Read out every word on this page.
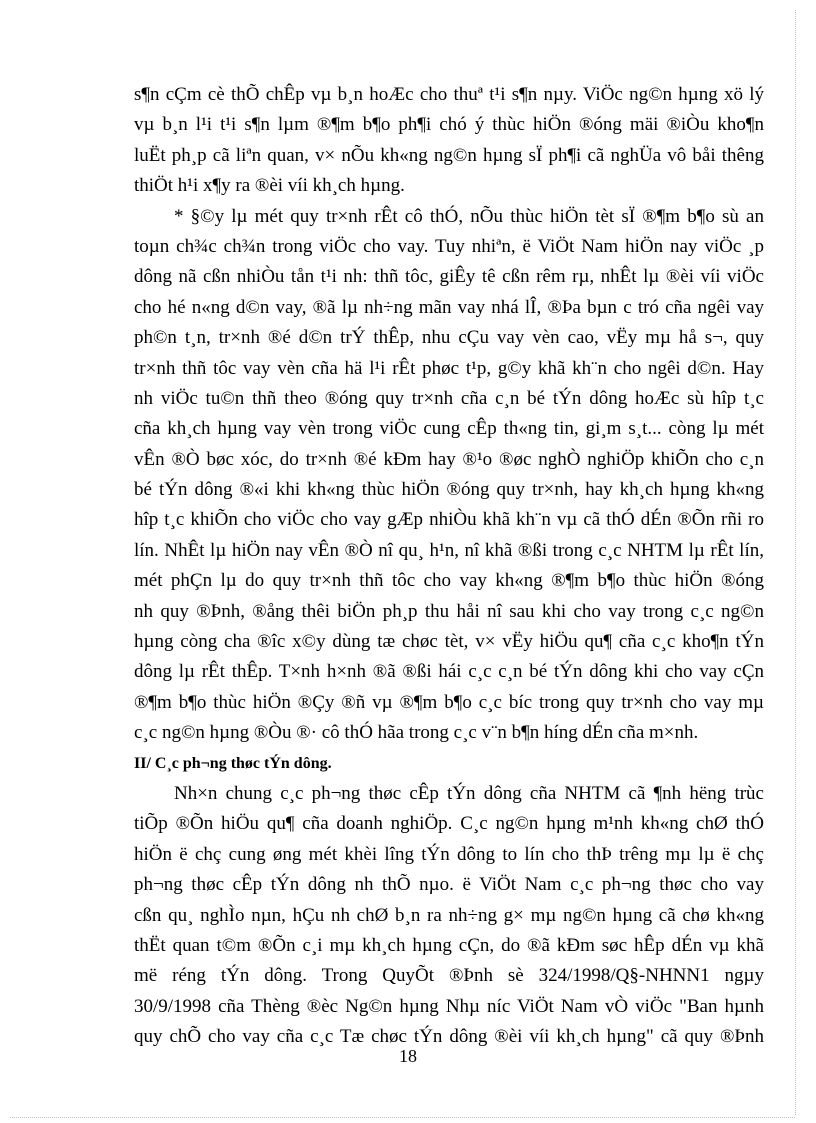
s¶n cÇm cè thÕ chÊp vµ b¸n hoÆc cho thuª t¹i s¶n nµy. ViÖc ng©n hµng xö lý
vµ b¸n l¹i t¹i s¶n lµm ®¶m b¶o ph¶i chó ý thùc hiÖn ®óng mäi ®iÒu kho¶n
luËt ph¸p cã liªn quan, v× nÕu kh«ng ng©n hµng sÏ ph¶i cã nghÜa vô båi thêng
thiÖt h¹i x¶y ra ®èi víi kh¸ch hµng.
* §©y lµ mét quy tr×nh rÊt cô thÓ, nÕu thùc hiÖn tèt sÏ ®¶m b¶o sù an
toµn ch¾c ch¾n trong viÖc cho vay. Tuy nhiªn, ë ViÖt Nam hiÖn nay viÖc ¸p
dông nã cßn nhiÒu tån t¹i nh: thñ tôc, giÊy tê cßn rêm rµ, nhÊt lµ ®èi víi viÖc
cho hé n«ng d©n vay, ®ã lµ nh÷ng mãn vay nhá lÎ, ®Þa bµn c tró cña ngêi vay
ph©n t¸n, tr×nh ®é d©n trÝ thÊp, nhu cÇu vay vèn cao, vËy mµ hå s¬, quy
tr×nh thñ tôc vay vèn cña hä l¹i rÊt phøc t¹p, g©y khã kh¨n cho ngêi d©n. Hay
nh viÖc tu©n thñ theo ®óng quy tr×nh cña c¸n bé tÝn dông hoÆc sù hîp t¸c
cña kh¸ch hµng vay vèn trong viÖc cung cÊp th«ng tin, gi¸m s¸t... còng lµ mét
vÊn ®Ò bøc xóc, do tr×nh ®é kÐm hay ®¹o ®øc nghÒ nghiÖp khiÕn cho c¸n
bé tÝn dông ®«i khi kh«ng thùc hiÖn ®óng quy tr×nh, hay kh¸ch hµng kh«ng
hîp t¸c khiÕn cho viÖc cho vay gÆp nhiÒu khã kh¨n vµ cã thÓ dÉn ®Õn rñi ro
lín. NhÊt lµ hiÖn nay vÊn ®Ò nî qu¸ h¹n, nî khã ®ßi trong c¸c NHTM lµ rÊt lín,
mét phÇn lµ do quy tr×nh thñ tôc cho vay kh«ng ®¶m b¶o thùc hiÖn ®óng
nh quy ®Þnh, ®ång thêi biÖn ph¸p thu håi nî sau khi cho vay trong c¸c ng©n
hµng còng cha ®îc x©y dùng tæ chøc tèt, v× vËy hiÖu qu¶ cña c¸c kho¶n tÝn
dông lµ rÊt thÊp. T×nh h×nh ®ã ®ßi hái c¸c c¸n bé tÝn dông khi cho vay cÇn
®¶m b¶o thùc hiÖn ®Çy ®ñ vµ ®¶m b¶o c¸c bíc trong quy tr×nh cho vay mµ
c¸c ng©n hµng ®Òu ®· cô thÓ hãa trong c¸c v¨n b¶n híng dÉn cña m×nh.
II/ C¸c ph¬ng thøc tÝn dông.
Nh×n chung c¸c ph¬ng thøc cÊp tÝn dông cña NHTM cã ¶nh hëng trùc
tiÕp ®Õn hiÖu qu¶ cña doanh nghiÖp. C¸c ng©n hµng m¹nh kh«ng chØ thÓ
hiÖn ë chç cung øng mét khèi lîng tÝn dông to lín cho thÞ trêng mµ lµ ë chç
ph¬ng thøc cÊp tÝn dông nh thÕ nµo. ë ViÖt Nam c¸c ph¬ng thøc cho vay
cßn qu¸ nghÌo nµn, hÇu nh chØ b¸n ra nh÷ng g× mµ ng©n hµng cã chø kh«ng
thËt quan t©m ®Õn c¸i mµ kh¸ch hµng cÇn, do ®ã kÐm søc hÊp dÉn vµ khã
më réng tÝn dông. Trong QuyÕt ®Þnh sè 324/1998/Q§-NHNN1 ngµy
30/9/1998 cña Thèng ®èc Ng©n hµng Nhµ níc ViÖt Nam vÒ viÖc "Ban hµnh
quy chÕ cho vay cña c¸c Tæ chøc tÝn dông ®èi víi kh¸ch hµng" cã quy ®Þnh
18
